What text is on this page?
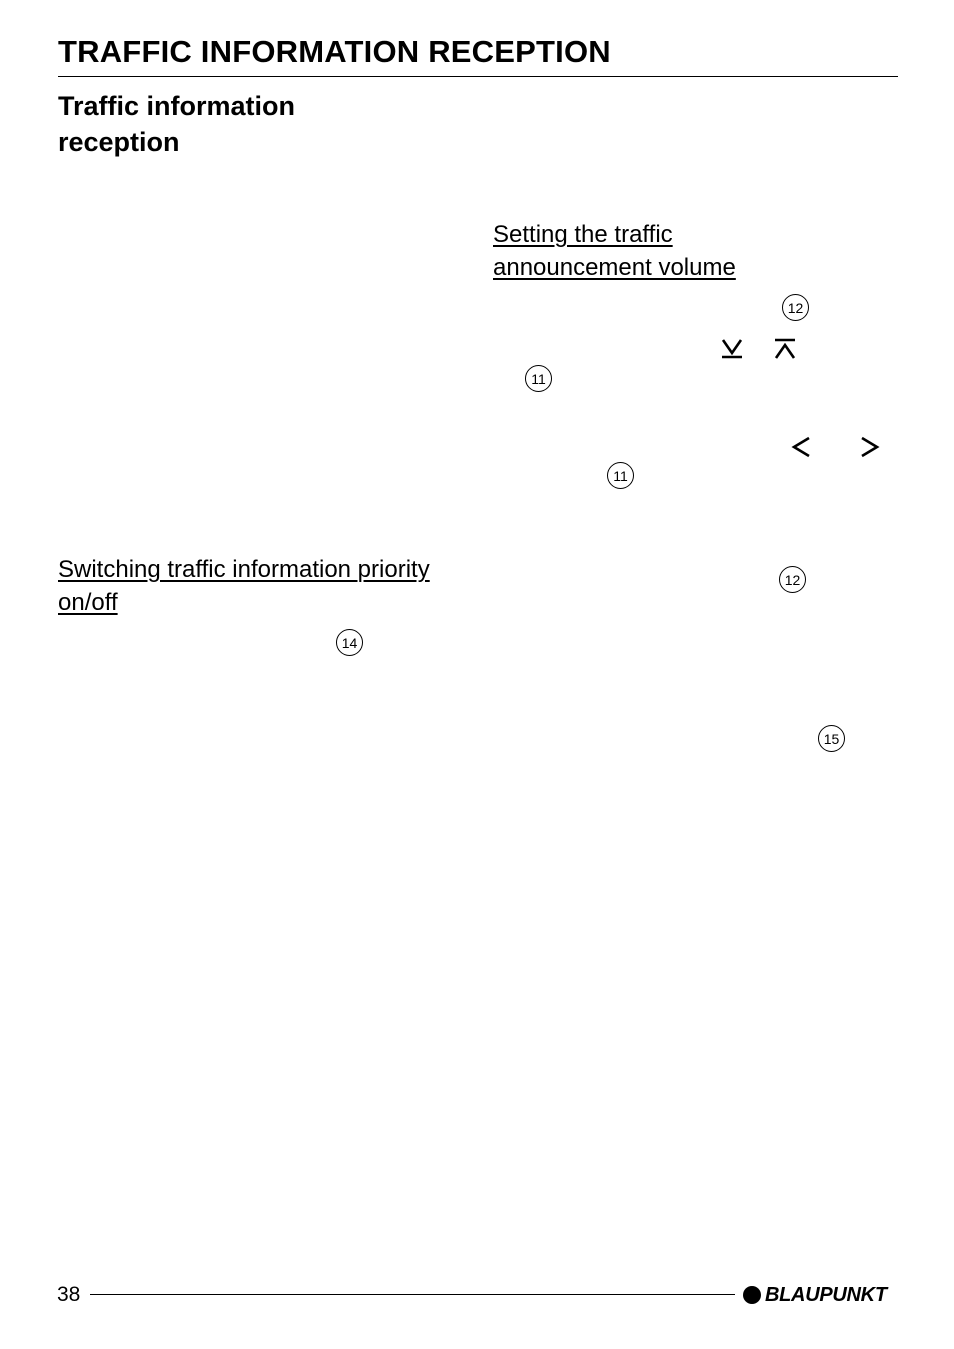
TRAFFIC INFORMATION RECEPTION
Traffic information reception
Setting the traffic announcement volume
12
11
11
Switching traffic information priority on/off
12
14
15
38	BLAUPUNKT
